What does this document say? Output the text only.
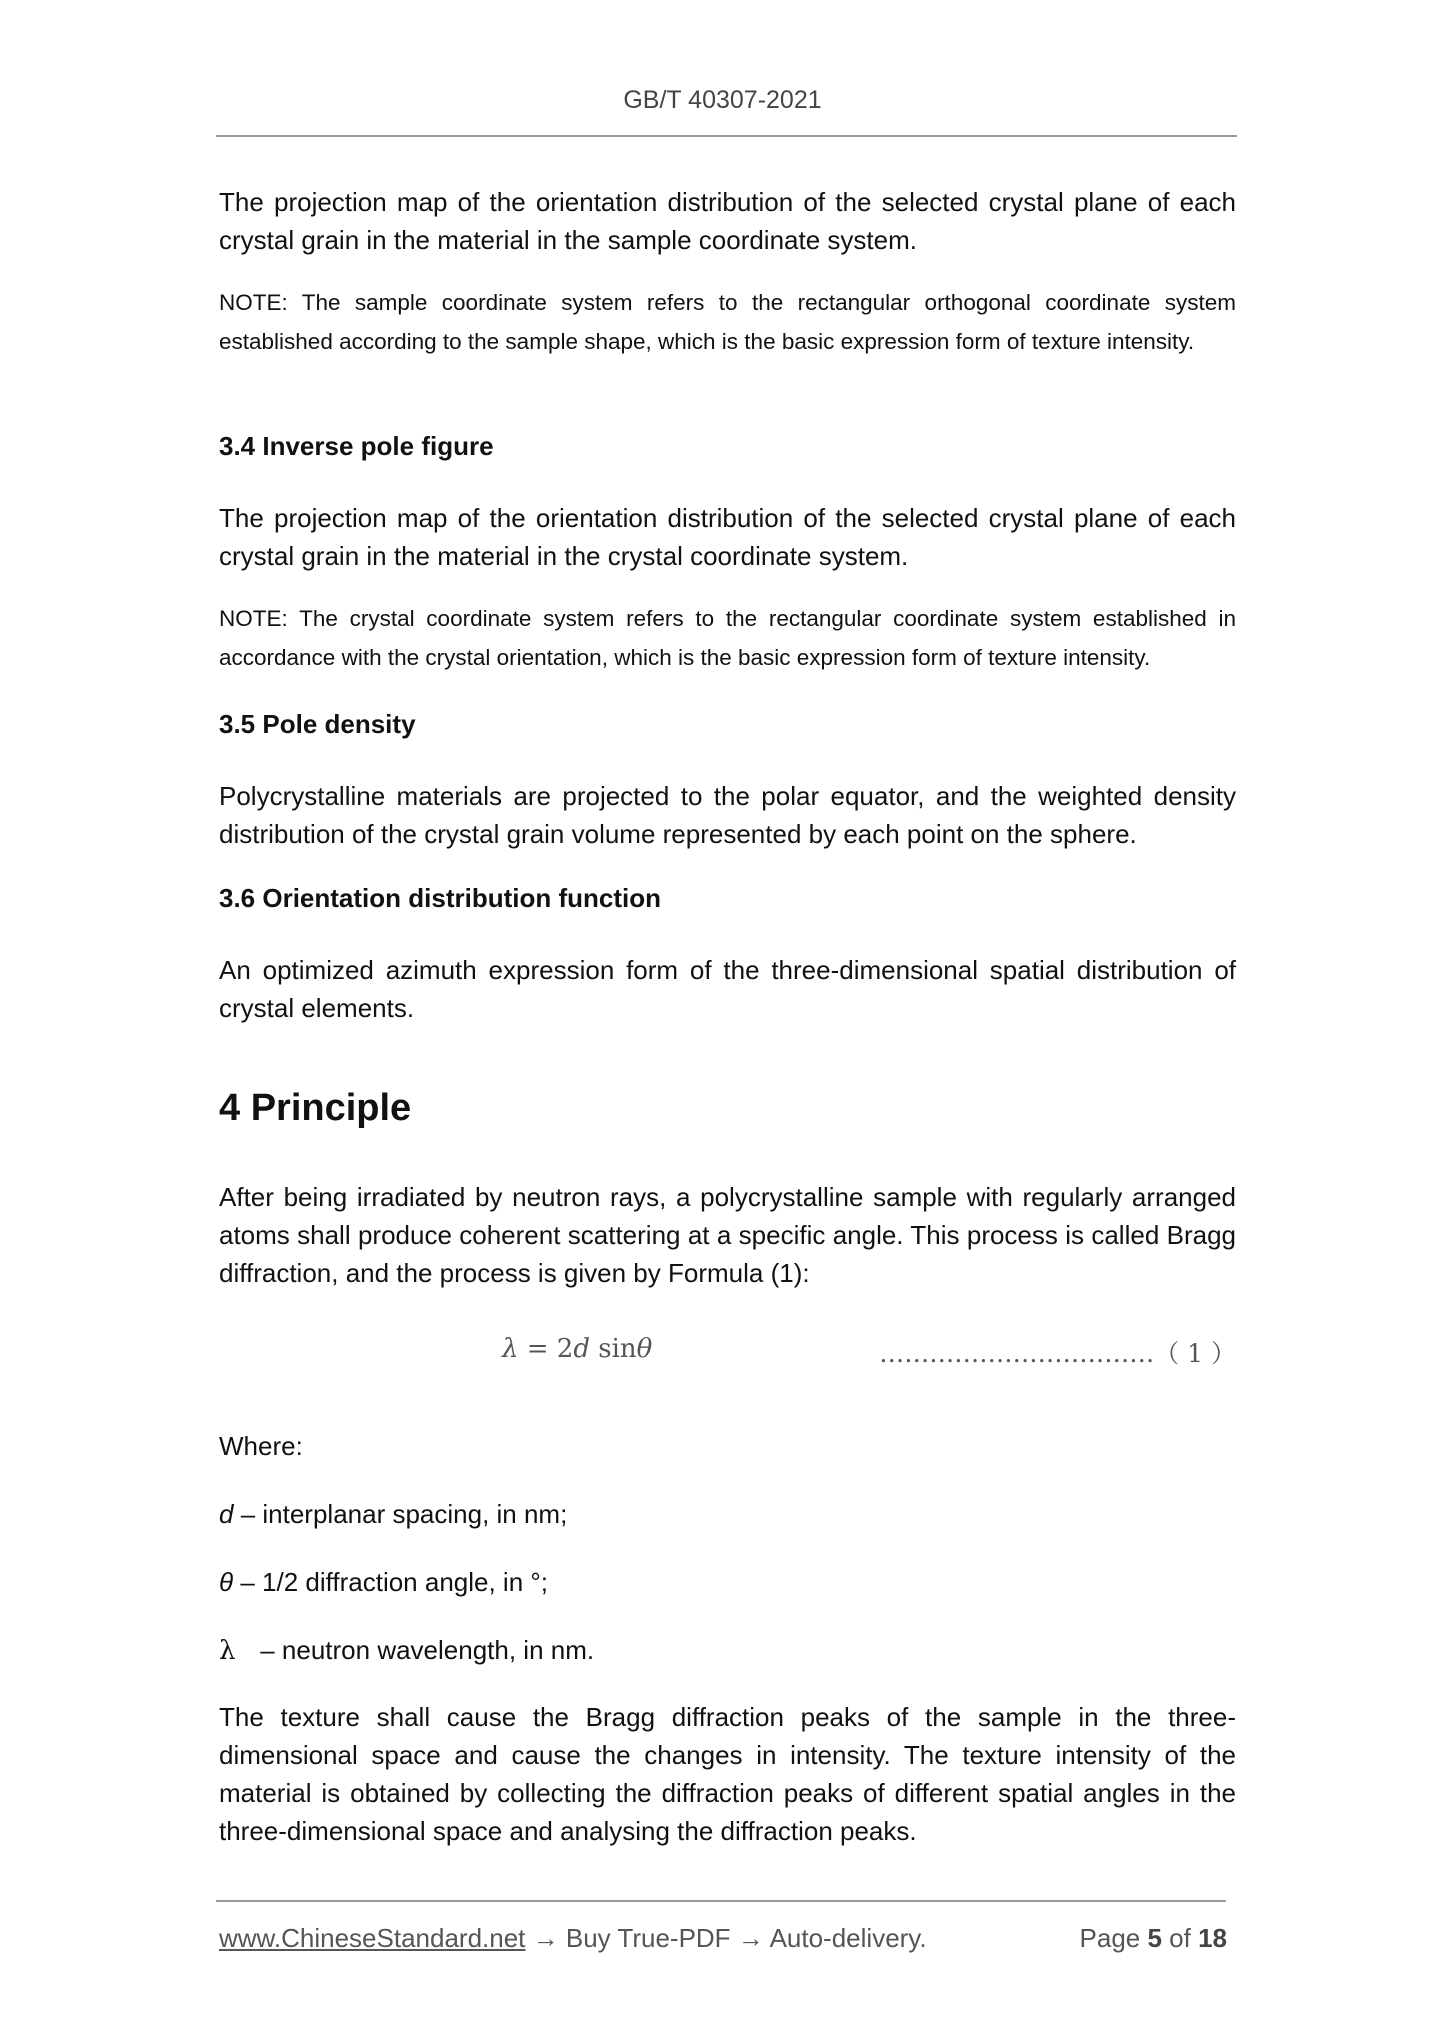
GB/T 40307-2021

The projection map of the orientation distribution of the selected crystal plane of each crystal grain in the material in the sample coordinate system.

NOTE: The sample coordinate system refers to the rectangular orthogonal coordinate system established according to the sample shape, which is the basic expression form of texture intensity.

3.4 Inverse pole figure

The projection map of the orientation distribution of the selected crystal plane of each crystal grain in the material in the crystal coordinate system.

NOTE: The crystal coordinate system refers to the rectangular coordinate system established in accordance with the crystal orientation, which is the basic expression form of texture intensity.

3.5 Pole density

Polycrystalline materials are projected to the polar equator, and the weighted density distribution of the crystal grain volume represented by each point on the sphere.

3.6 Orientation distribution function

An optimized azimuth expression form of the three-dimensional spatial distribution of crystal elements.

4 Principle

After being irradiated by neutron rays, a polycrystalline sample with regularly arranged atoms shall produce coherent scattering at a specific angle. This process is called Bragg diffraction, and the process is given by Formula (1):

λ = 2d sinθ	……………………………（ 1 ）

Where:

d – interplanar spacing, in nm;

θ – 1/2 diffraction angle, in °;

λ – neutron wavelength, in nm.

The texture shall cause the Bragg diffraction peaks of the sample in the three-dimensional space and cause the changes in intensity. The texture intensity of the material is obtained by collecting the diffraction peaks of different spatial angles in the three-dimensional space and analysing the diffraction peaks.

www.ChineseStandard.net → Buy True-PDF → Auto-delivery.	Page 5 of 18
